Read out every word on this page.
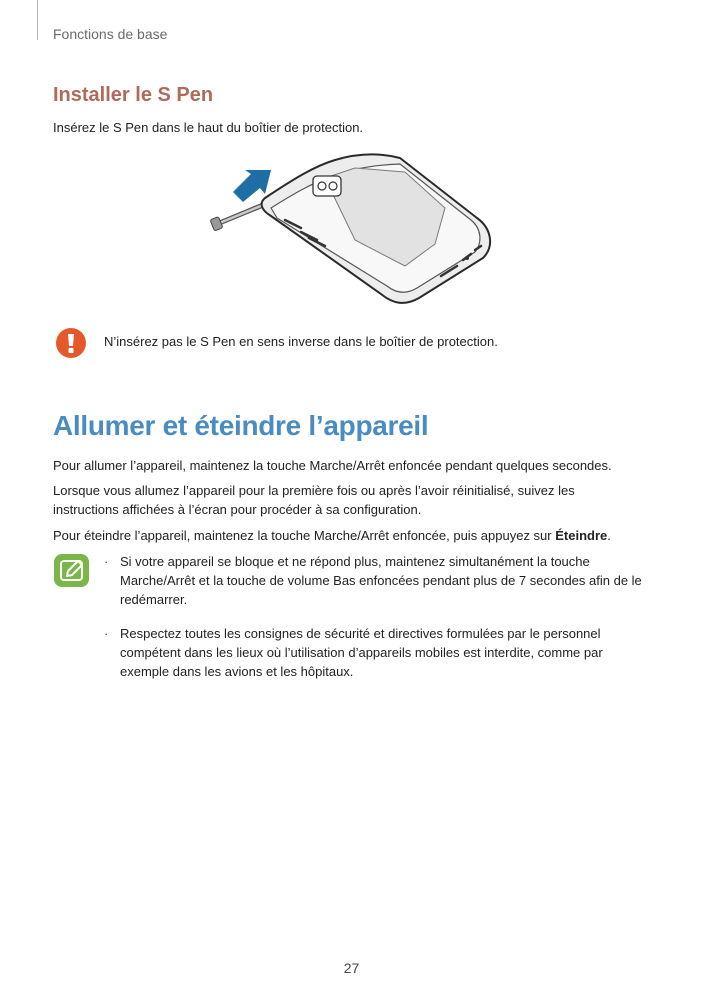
Fonctions de base
Installer le S Pen

Insérez le S Pen dans le haut du boîtier de protection.

N’insérez pas le S Pen en sens inverse dans le boîtier de protection.

Allumer et éteindre l’appareil

Pour allumer l’appareil, maintenez la touche Marche/Arrêt enfoncée pendant quelques secondes.

Lorsque vous allumez l’appareil pour la première fois ou après l’avoir réinitialisé, suivez les instructions affichées à l’écran pour procéder à sa configuration.

Pour éteindre l’appareil, maintenez la touche Marche/Arrêt enfoncée, puis appuyez sur Éteindre.

· Si votre appareil se bloque et ne répond plus, maintenez simultanément la touche Marche/Arrêt et la touche de volume Bas enfoncées pendant plus de 7 secondes afin de le redémarrer.
· Respectez toutes les consignes de sécurité et directives formulées par le personnel compétent dans les lieux où l’utilisation d’appareils mobiles est interdite, comme par exemple dans les avions et les hôpitaux.
27
